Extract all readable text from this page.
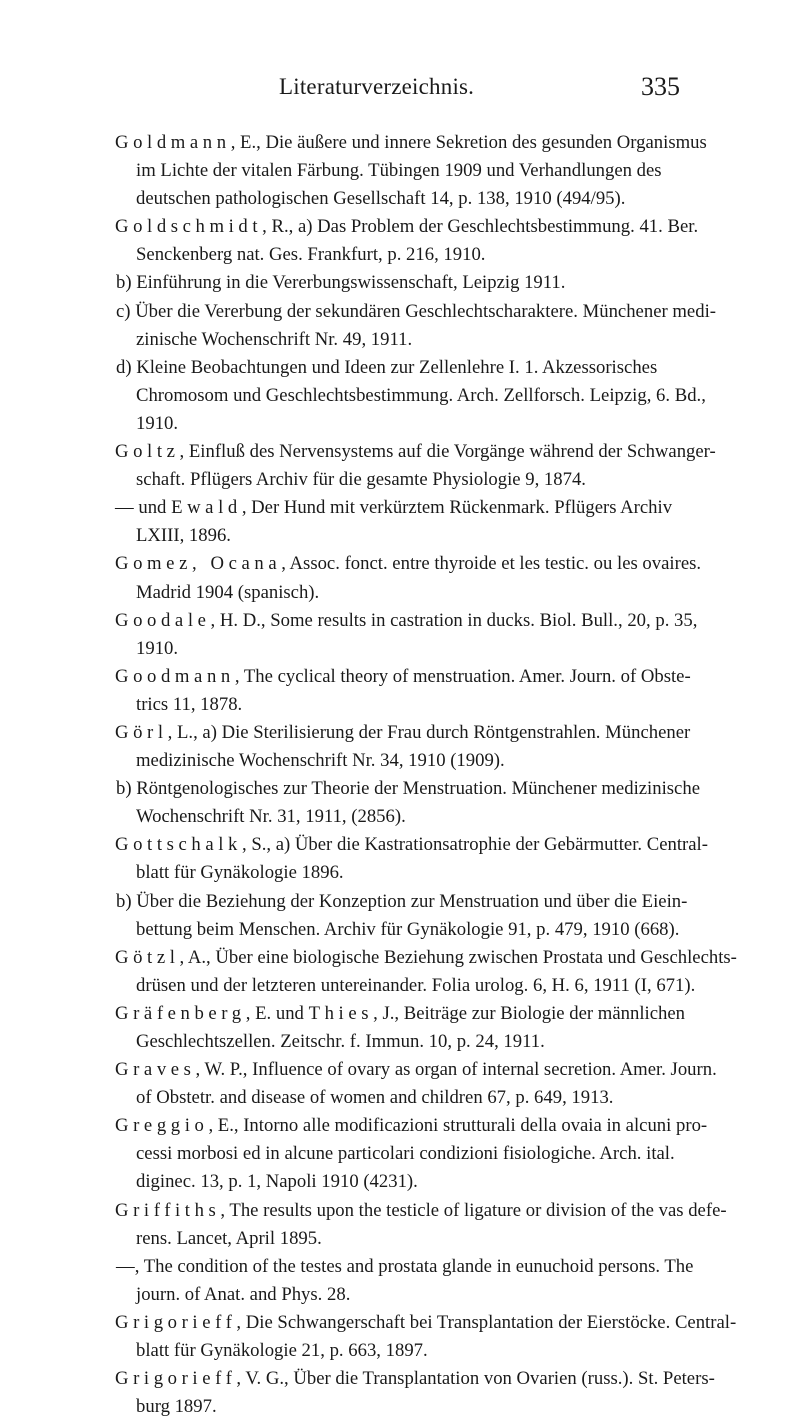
Literaturverzeichnis.	335
Goldmann, E., Die äußere und innere Sekretion des gesunden Organismus
im Lichte der vitalen Färbung. Tübingen 1909 und Verhandlungen des
deutschen pathologischen Gesellschaft 14, p. 138, 1910 (494/95).
Goldschmidt, R., a) Das Problem der Geschlechtsbestimmung. 41. Ber.
Senckenberg nat. Ges. Frankfurt, p. 216, 1910.
b) Einführung in die Vererbungswissenschaft, Leipzig 1911.
c) Über die Vererbung der sekundären Geschlechtscharaktere. Münchener medi-
zinische Wochenschrift Nr. 49, 1911.
d) Kleine Beobachtungen und Ideen zur Zellenlehre I. 1. Akzessorisches
Chromosom und Geschlechtsbestimmung. Arch. Zellforsch. Leipzig, 6. Bd.,
1910.
Goltz, Einfluß des Nervensystems auf die Vorgänge während der Schwanger-
schaft. Pflügers Archiv für die gesamte Physiologie 9, 1874.
— und Ewald, Der Hund mit verkürztem Rückenmark. Pflügers Archiv
LXIII, 1896.
Gomez, Ocana, Assoc. fonct. entre thyroide et les testic. ou les ovaires.
Madrid 1904 (spanisch).
Goodale, H. D., Some results in castration in ducks. Biol. Bull., 20, p. 35,
1910.
Goodmann, The cyclical theory of menstruation. Amer. Journ. of Obste-
trics 11, 1878.
Görl, L., a) Die Sterilisierung der Frau durch Röntgenstrahlen. Münchener
medizinische Wochenschrift Nr. 34, 1910 (1909).
b) Röntgenologisches zur Theorie der Menstruation. Münchener medizinische
Wochenschrift Nr. 31, 1911, (2856).
Gottschalk, S., a) Über die Kastrationsatrophie der Gebärmutter. Central-
blatt für Gynäkologie 1896.
b) Über die Beziehung der Konzeption zur Menstruation und über die Eiein-
bettung beim Menschen. Archiv für Gynäkologie 91, p. 479, 1910 (668).
Götzl, A., Über eine biologische Beziehung zwischen Prostata und Geschlechts-
drüsen und der letzteren untereinander. Folia urolog. 6, H. 6, 1911 (I, 671).
Gräfenberg, E. und Thies, J., Beiträge zur Biologie der männlichen
Geschlechtszellen. Zeitschr. f. Immun. 10, p. 24, 1911.
Graves, W. P., Influence of ovary as organ of internal secretion. Amer. Journ.
of Obstetr. and disease of women and children 67, p. 649, 1913.
Greggio, E., Intorno alle modificazioni strutturali della ovaia in alcuni pro-
cessi morbosi ed in alcune particolari condizioni fisiologiche. Arch. ital.
diginec. 13, p. 1, Napoli 1910 (4231).
Griffiths, The results upon the testicle of ligature or division of the vas defe-
rens. Lancet, April 1895.
—, The condition of the testes and prostata glande in eunuchoid persons. The
journ. of Anat. and Phys. 28.
Grigorieff, Die Schwangerschaft bei Transplantation der Eierstöcke. Central-
blatt für Gynäkologie 21, p. 663, 1897.
Grigorieff, V. G., Über die Transplantation von Ovarien (russ.). St. Peters-
burg 1897.
